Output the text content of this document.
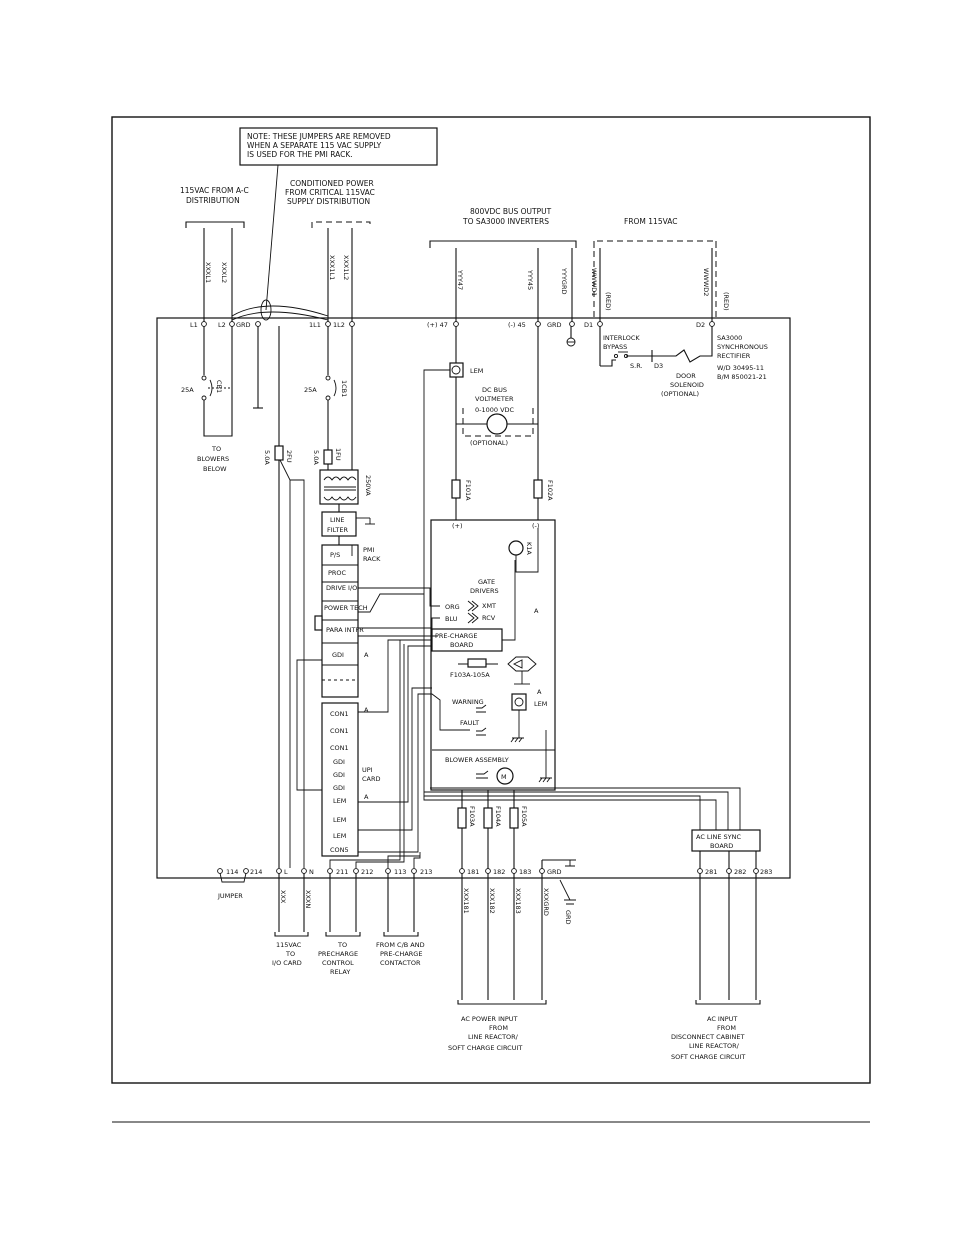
NOTE: THESE JUMPERS ARE REMOVED
WHEN A SEPARATE 115 VAC SUPPLY
IS USED FOR THE PMI RACK.
115VAC FROM A-C
DISTRIBUTION
CONDITIONED POWER
FROM CRITICAL 115VAC
SUPPLY DISTRIBUTION
800VDC BUS OUTPUT
TO SA3000 INVERTERS	FROM 115VAC
XXXL1 XXXL2	XXX1L1 XXX1L2	YYY47	YYY45	YYYGRD	WWWD1	WWWD2
(RED)	(RED)
L1	L2 GRD	1L1 1L2	(+) 47	(-) 45	GRD	D1	D2
25A	CB1
TO
BLOWERS
BELOW
25A	1CB1
2FU
5.0A	1FU
5.0A
250VA
LINE
FILTER
P/S
PROC
DRIVE I/O
POWER TECH
PARA INTFR
GDI
PMI
RACK
A
CON1
CON1
CON1
GDI
GDI
GDI
LEM
LEM
LEM
CON5
UPI
CARD
A
A
LEM
DC BUS
VOLTMETER
0-1000 VDC
(OPTIONAL)
F101A	F102A
INTERLOCK
BYPASS
S.R. D3
DOOR
SOLENOID
(OPTIONAL)
SA3000
SYNCHRONOUS
RECTIFIER
W/D 30495-11
B/M 850021-21
(+)	(-)
K1A
GATE
DRIVERS
ORG
BLU
XMT
RCV
A
PRE-CHARGE
BOARD
F103A-105A
WARNING
FAULT
LEM
A
BLOWER ASSEMBLY
M
AC LINE SYNC
BOARD
F103A	F104A	F105A
114 214	L	N	211 212	113 213	181 182 183 GRD	281	282 283
JUMPER	XXX	XXXN	XXX181	XXX182	XXX183	XXXGRD
GRD
115VAC
TO
I/O CARD
TO
PRECHARGE
CONTROL
RELAY
FROM C/B AND
PRE-CHARGE
CONTACTOR
AC POWER INPUT
FROM
LINE REACTOR/
SOFT CHARGE CIRCUIT
AC INPUT
FROM
DISCONNECT CABINET
LINE REACTOR/
SOFT CHARGE CIRCUIT
